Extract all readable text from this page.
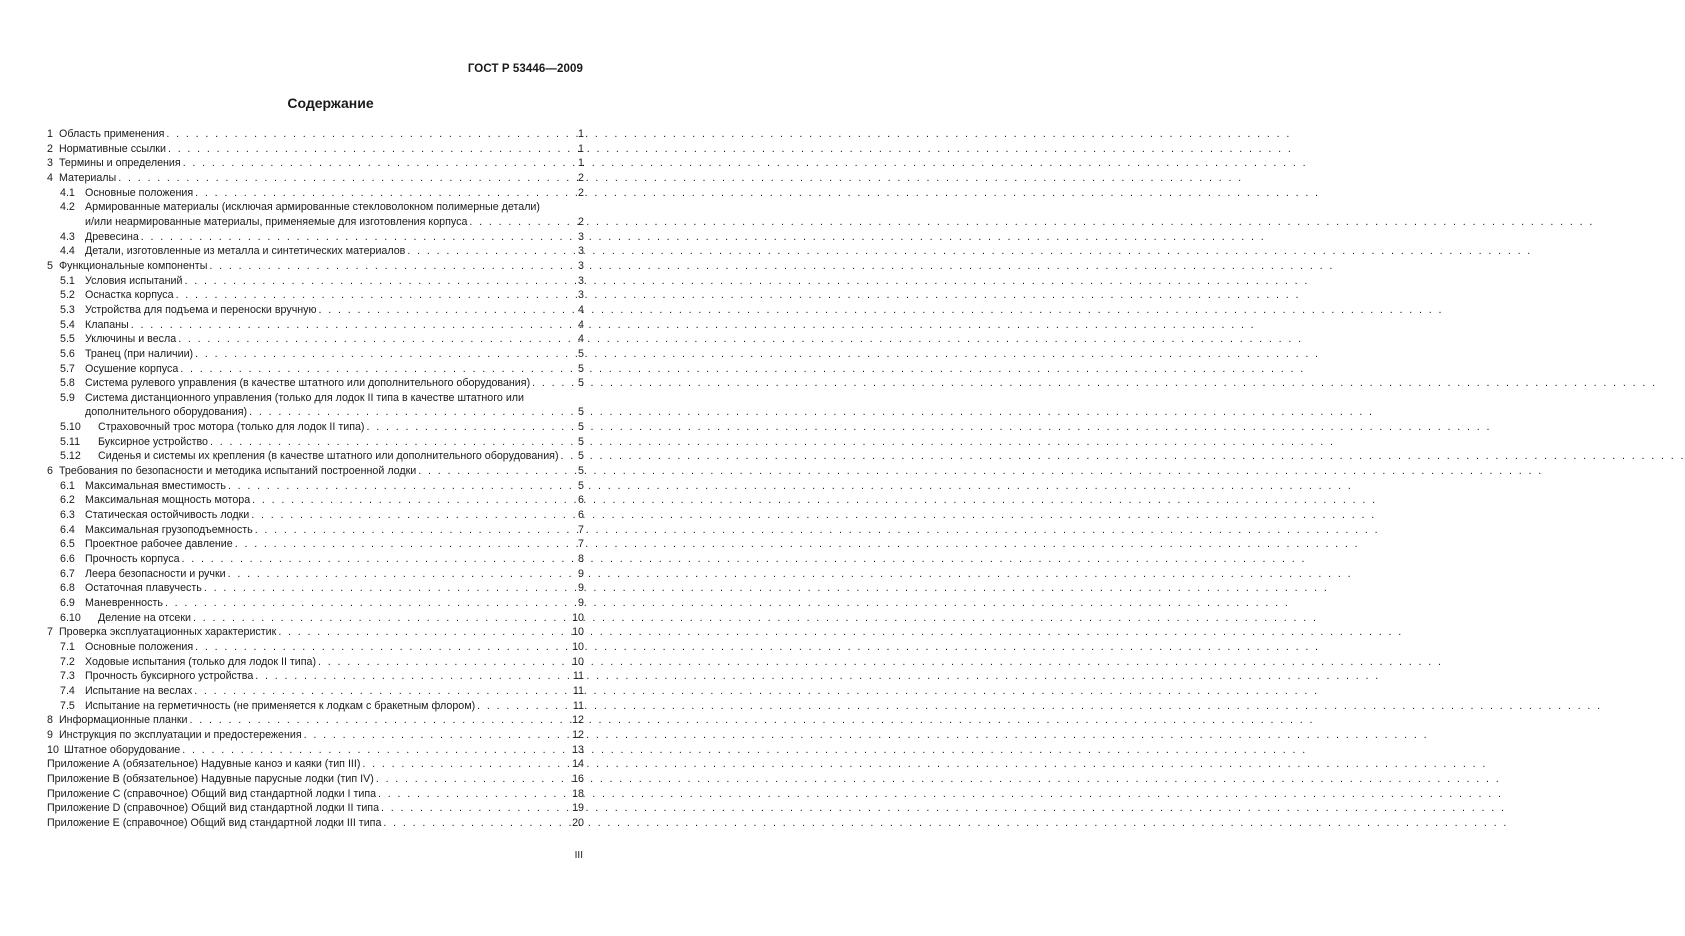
ГОСТ Р 53446—2009
Содержание
1 Область применения . . .	1
2 Нормативные ссылки . . .	1
3 Термины и определения . . .	1
4 Материалы . . .	2
4.1 Основные положения . . .	2
4.2 Армированные материалы (исключая армированные стекловолокном полимерные детали)
и/или неармированные материалы, применяемые для изготовления корпуса . . .	2
4.3 Древесина . . .	3
4.4 Детали, изготовленные из металла и синтетических материалов . . .	3
5 Функциональные компоненты . . .	3
5.1 Условия испытаний . . .	3
5.2 Оснастка корпуса . . .	3
5.3 Устройства для подъема и переноски вручную . . .	4
5.4 Клапаны . . .	4
5.5 Уключины и весла . . .	4
5.6 Транец (при наличии) . . .	5
5.7 Осушение корпуса . . .	5
5.8 Система рулевого управления (в качестве штатного или дополнительного оборудования) . . .	5
5.9 Система дистанционного управления (только для лодок II типа в качестве штатного или
дополнительного оборудования) . . .	5
5.10	Страховочный трос мотора (только для лодок II типа) . . .	5
5.11	Буксирное устройство . . .	5
5.12	Сиденья и системы их крепления (в качестве штатного или дополнительного оборудования) . . . 5
6 Требования по безопасности и методика испытаний построенной лодки . . .	5
6.1 Максимальная вместимость . . .	5
6.2 Максимальная мощность мотора . . .	6
6.3 Статическая остойчивость лодки . . .	6
6.4 Максимальная грузоподъемность . . .	7
6.5 Проектное рабочее давление . . .	7
6.6 Прочность корпуса . . .	8
6.7 Леера безопасности и ручки . . .	9
6.8 Остаточная плавучесть . . .	9
6.9 Маневренность . . .	9
6.10	Деление на отсеки . . .	10
7 Проверка эксплуатационных характеристик . . .	10
7.1 Основные положения . . .	10
7.2 Ходовые испытания (только для лодок II типа) . . .	10
7.3 Прочность буксирного устройства . . .	11
7.4 Испытание на веслах . . .	11
7.5 Испытание на герметичность (не применяется к лодкам с бракетным флором) . . .	11
8 Информационные планки . . .	12
9 Инструкция по эксплуатации и предостережения . . .	12
10 Штатное оборудование . . .	13
Приложение А (обязательное) Надувные каноэ и каяки (тип III) . . .	14
Приложение В (обязательное) Надувные парусные лодки (тип IV) . . .	16
Приложение С (справочное) Общий вид стандартной лодки I типа . . .	18
Приложение D (справочное) Общий вид стандартной лодки II типа . . .	19
Приложение Е (справочное) Общий вид стандартной лодки III типа . . .	20
III
